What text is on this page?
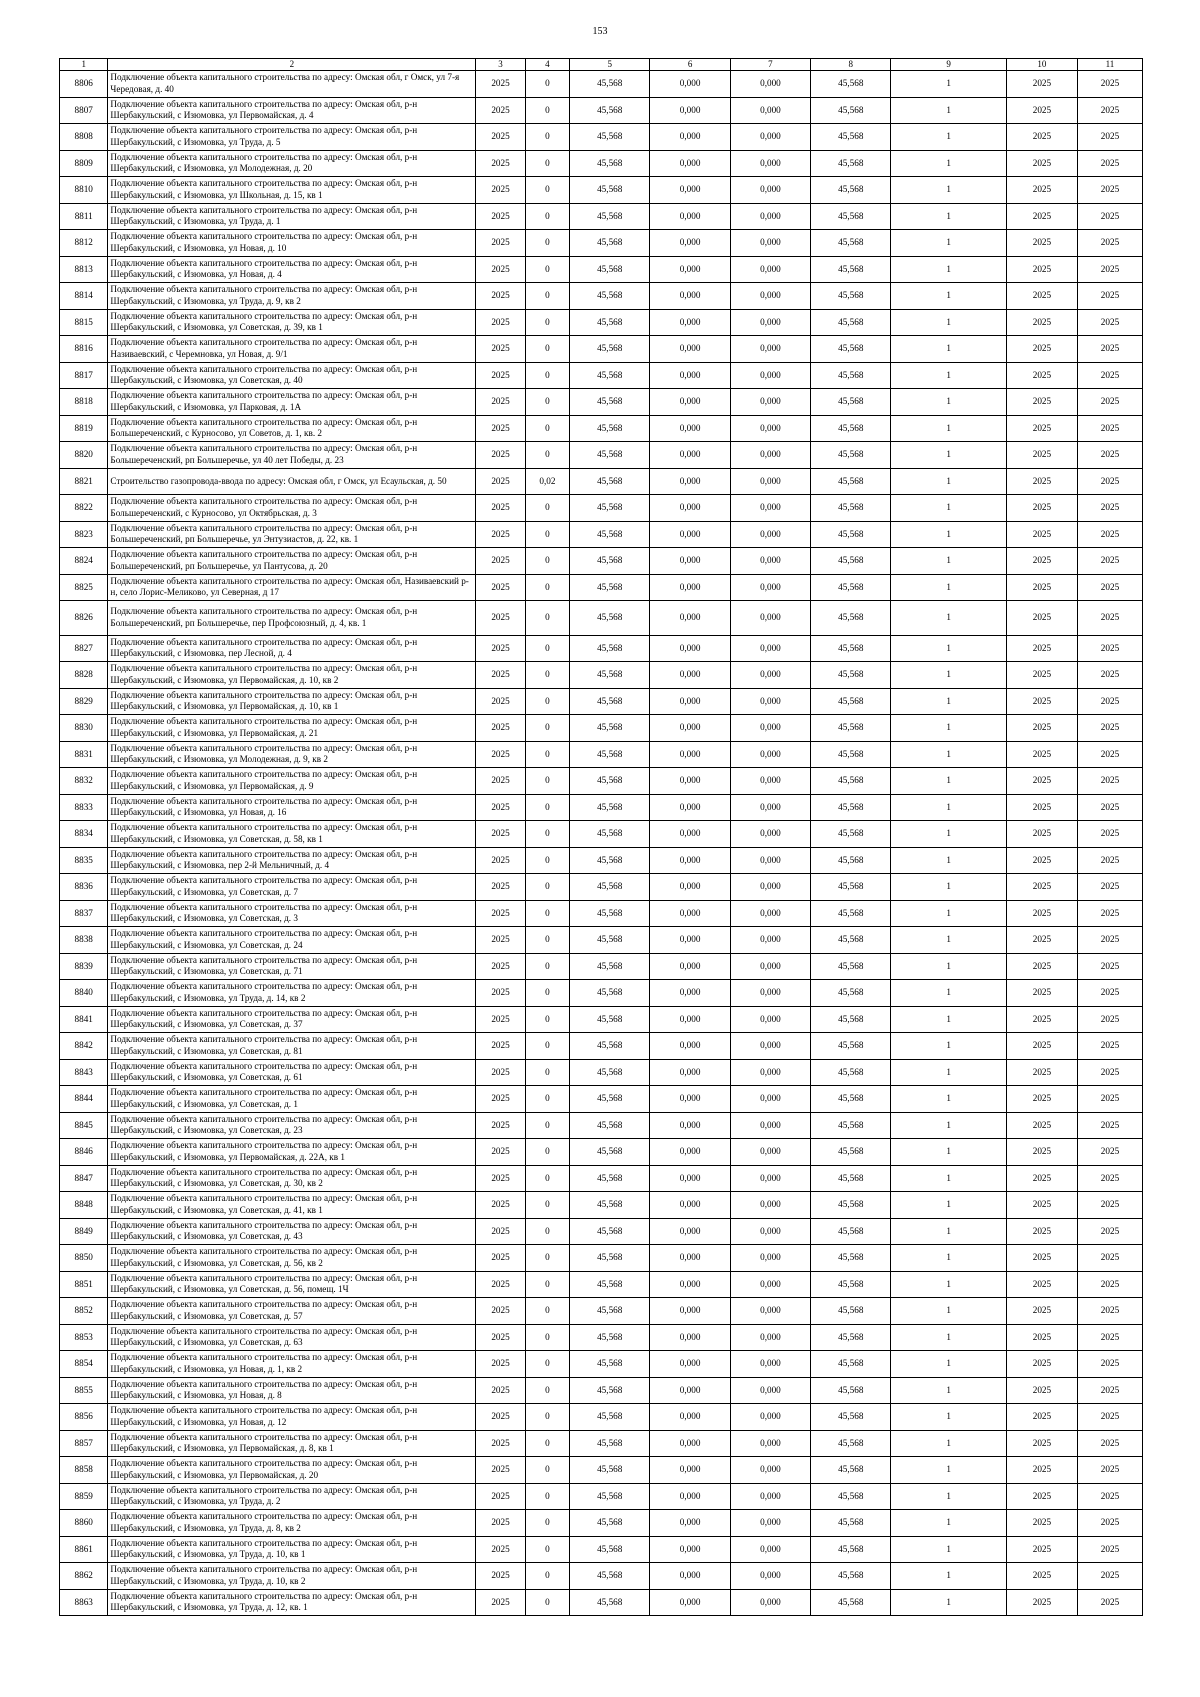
153
1	2	3	4	5	6	7	8	9	10	11
8806	Подключение объекта капитального строительства по адресу: Омская обл, г Омск, ул 7-я Чередовая, д. 40	2025	0	45,568	0,000	0,000	45,568	1	2025	2025
8807	Подключение объекта капитального строительства по адресу: Омская обл, р-н Шербакульский, с Изюмовка, ул Первомайская, д. 4	2025	0	45,568	0,000	0,000	45,568	1	2025	2025
8808	Подключение объекта капитального строительства по адресу: Омская обл, р-н Шербакульский, с Изюмовка, ул Труда, д. 5	2025	0	45,568	0,000	0,000	45,568	1	2025	2025
8809	Подключение объекта капитального строительства по адресу: Омская обл, р-н Шербакульский, с Изюмовка, ул Молодежная, д. 20	2025	0	45,568	0,000	0,000	45,568	1	2025	2025
8810	Подключение объекта капитального строительства по адресу: Омская обл, р-н Шербакульский, с Изюмовка, ул Школьная, д. 15, кв 1	2025	0	45,568	0,000	0,000	45,568	1	2025	2025
8811	Подключение объекта капитального строительства по адресу: Омская обл, р-н Шербакульский, с Изюмовка, ул Труда, д. 1	2025	0	45,568	0,000	0,000	45,568	1	2025	2025
8812	Подключение объекта капитального строительства по адресу: Омская обл, р-н Шербакульский, с Изюмовка, ул Новая, д. 10	2025	0	45,568	0,000	0,000	45,568	1	2025	2025
8813	Подключение объекта капитального строительства по адресу: Омская обл, р-н Шербакульский, с Изюмовка, ул Новая, д. 4	2025	0	45,568	0,000	0,000	45,568	1	2025	2025
8814	Подключение объекта капитального строительства по адресу: Омская обл, р-н Шербакульский, с Изюмовка, ул Труда, д. 9, кв 2	2025	0	45,568	0,000	0,000	45,568	1	2025	2025
8815	Подключение объекта капитального строительства по адресу: Омская обл, р-н Шербакульский, с Изюмовка, ул Советская, д. 39, кв 1	2025	0	45,568	0,000	0,000	45,568	1	2025	2025
8816	Подключение объекта капитального строительства по адресу: Омская обл, р-н Називаевский, с Черемновка, ул Новая, д. 9/1	2025	0	45,568	0,000	0,000	45,568	1	2025	2025
8817	Подключение объекта капитального строительства по адресу: Омская обл, р-н Шербакульский, с Изюмовка, ул Советская, д. 40	2025	0	45,568	0,000	0,000	45,568	1	2025	2025
8818	Подключение объекта капитального строительства по адресу: Омская обл, р-н Шербакульский, с Изюмовка, ул Парковая, д. 1А	2025	0	45,568	0,000	0,000	45,568	1	2025	2025
8819	Подключение объекта капитального строительства по адресу: Омская обл, р-н Большереченский, с Курносово, ул Советов, д. 1, кв. 2	2025	0	45,568	0,000	0,000	45,568	1	2025	2025
8820	Подключение объекта капитального строительства по адресу: Омская обл, р-н Большереченский, рп Большеречье, ул 40 лет Победы, д. 23	2025	0	45,568	0,000	0,000	45,568	1	2025	2025
8821	Строительство газопровода-ввода по адресу: Омская обл, г Омск, ул Есаульская, д. 50	2025	0,02	45,568	0,000	0,000	45,568	1	2025	2025
8822	Подключение объекта капитального строительства по адресу: Омская обл, р-н Большереченский, с Курносово, ул Октябрьская, д. 3	2025	0	45,568	0,000	0,000	45,568	1	2025	2025
8823	Подключение объекта капитального строительства по адресу: Омская обл, р-н Большереченский, рп Большеречье, ул Энтузиастов, д. 22, кв. 1	2025	0	45,568	0,000	0,000	45,568	1	2025	2025
8824	Подключение объекта капитального строительства по адресу: Омская обл, р-н Большереченский, рп Большеречье, ул Пантусова, д. 20	2025	0	45,568	0,000	0,000	45,568	1	2025	2025
8825	Подключение объекта капитального строительства по адресу: Омская обл, Називаевский р-н, село Лорис-Меликово, ул Северная, д 17	2025	0	45,568	0,000	0,000	45,568	1	2025	2025
8826	Подключение объекта капитального строительства по адресу: Омская обл, р-н Большереченский, рп Большеречье, пер Профсоюзный, д. 4, кв. 1	2025	0	45,568	0,000	0,000	45,568	1	2025	2025
8827	Подключение объекта капитального строительства по адресу: Омская обл, р-н Шербакульский, с Изюмовка, пер Лесной, д. 4	2025	0	45,568	0,000	0,000	45,568	1	2025	2025
8828	Подключение объекта капитального строительства по адресу: Омская обл, р-н Шербакульский, с Изюмовка, ул Первомайская, д. 10, кв 2	2025	0	45,568	0,000	0,000	45,568	1	2025	2025
8829	Подключение объекта капитального строительства по адресу: Омская обл, р-н Шербакульский, с Изюмовка, ул Первомайская, д. 10, кв 1	2025	0	45,568	0,000	0,000	45,568	1	2025	2025
8830	Подключение объекта капитального строительства по адресу: Омская обл, р-н Шербакульский, с Изюмовка, ул Первомайская, д. 21	2025	0	45,568	0,000	0,000	45,568	1	2025	2025
8831	Подключение объекта капитального строительства по адресу: Омская обл, р-н Шербакульский, с Изюмовка, ул Молодежная, д. 9, кв 2	2025	0	45,568	0,000	0,000	45,568	1	2025	2025
8832	Подключение объекта капитального строительства по адресу: Омская обл, р-н Шербакульский, с Изюмовка, ул Первомайская, д. 9	2025	0	45,568	0,000	0,000	45,568	1	2025	2025
8833	Подключение объекта капитального строительства по адресу: Омская обл, р-н Шербакульский, с Изюмовка, ул Новая, д. 16	2025	0	45,568	0,000	0,000	45,568	1	2025	2025
8834	Подключение объекта капитального строительства по адресу: Омская обл, р-н Шербакульский, с Изюмовка, ул Советская, д. 58, кв 1	2025	0	45,568	0,000	0,000	45,568	1	2025	2025
8835	Подключение объекта капитального строительства по адресу: Омская обл, р-н Шербакульский, с Изюмовка, пер 2-й Мельничный, д. 4	2025	0	45,568	0,000	0,000	45,568	1	2025	2025
8836	Подключение объекта капитального строительства по адресу: Омская обл, р-н Шербакульский, с Изюмовка, ул Советская, д. 7	2025	0	45,568	0,000	0,000	45,568	1	2025	2025
8837	Подключение объекта капитального строительства по адресу: Омская обл, р-н Шербакульский, с Изюмовка, ул Советская, д. 3	2025	0	45,568	0,000	0,000	45,568	1	2025	2025
8838	Подключение объекта капитального строительства по адресу: Омская обл, р-н Шербакульский, с Изюмовка, ул Советская, д. 24	2025	0	45,568	0,000	0,000	45,568	1	2025	2025
8839	Подключение объекта капитального строительства по адресу: Омская обл, р-н Шербакульский, с Изюмовка, ул Советская, д. 71	2025	0	45,568	0,000	0,000	45,568	1	2025	2025
8840	Подключение объекта капитального строительства по адресу: Омская обл, р-н Шербакульский, с Изюмовка, ул Труда, д. 14, кв 2	2025	0	45,568	0,000	0,000	45,568	1	2025	2025
8841	Подключение объекта капитального строительства по адресу: Омская обл, р-н Шербакульский, с Изюмовка, ул Советская, д. 37	2025	0	45,568	0,000	0,000	45,568	1	2025	2025
8842	Подключение объекта капитального строительства по адресу: Омская обл, р-н Шербакульский, с Изюмовка, ул Советская, д. 81	2025	0	45,568	0,000	0,000	45,568	1	2025	2025
8843	Подключение объекта капитального строительства по адресу: Омская обл, р-н Шербакульский, с Изюмовка, ул Советская, д. 61	2025	0	45,568	0,000	0,000	45,568	1	2025	2025
8844	Подключение объекта капитального строительства по адресу: Омская обл, р-н Шербакульский, с Изюмовка, ул Советская, д. 1	2025	0	45,568	0,000	0,000	45,568	1	2025	2025
8845	Подключение объекта капитального строительства по адресу: Омская обл, р-н Шербакульский, с Изюмовка, ул Советская, д. 23	2025	0	45,568	0,000	0,000	45,568	1	2025	2025
8846	Подключение объекта капитального строительства по адресу: Омская обл, р-н Шербакульский, с Изюмовка, ул Первомайская, д. 22А, кв 1	2025	0	45,568	0,000	0,000	45,568	1	2025	2025
8847	Подключение объекта капитального строительства по адресу: Омская обл, р-н Шербакульский, с Изюмовка, ул Советская, д. 30, кв 2	2025	0	45,568	0,000	0,000	45,568	1	2025	2025
8848	Подключение объекта капитального строительства по адресу: Омская обл, р-н Шербакульский, с Изюмовка, ул Советская, д. 41, кв 1	2025	0	45,568	0,000	0,000	45,568	1	2025	2025
8849	Подключение объекта капитального строительства по адресу: Омская обл, р-н Шербакульский, с Изюмовка, ул Советская, д. 43	2025	0	45,568	0,000	0,000	45,568	1	2025	2025
8850	Подключение объекта капитального строительства по адресу: Омская обл, р-н Шербакульский, с Изюмовка, ул Советская, д. 56, кв 2	2025	0	45,568	0,000	0,000	45,568	1	2025	2025
8851	Подключение объекта капитального строительства по адресу: Омская обл, р-н Шербакульский, с Изюмовка, ул Советская, д. 56, помещ. 1Ч	2025	0	45,568	0,000	0,000	45,568	1	2025	2025
8852	Подключение объекта капитального строительства по адресу: Омская обл, р-н Шербакульский, с Изюмовка, ул Советская, д. 57	2025	0	45,568	0,000	0,000	45,568	1	2025	2025
8853	Подключение объекта капитального строительства по адресу: Омская обл, р-н Шербакульский, с Изюмовка, ул Советская, д. 63	2025	0	45,568	0,000	0,000	45,568	1	2025	2025
8854	Подключение объекта капитального строительства по адресу: Омская обл, р-н Шербакульский, с Изюмовка, ул Новая, д. 1, кв 2	2025	0	45,568	0,000	0,000	45,568	1	2025	2025
8855	Подключение объекта капитального строительства по адресу: Омская обл, р-н Шербакульский, с Изюмовка, ул Новая, д. 8	2025	0	45,568	0,000	0,000	45,568	1	2025	2025
8856	Подключение объекта капитального строительства по адресу: Омская обл, р-н Шербакульский, с Изюмовка, ул Новая, д. 12	2025	0	45,568	0,000	0,000	45,568	1	2025	2025
8857	Подключение объекта капитального строительства по адресу: Омская обл, р-н Шербакульский, с Изюмовка, ул Первомайская, д. 8, кв 1	2025	0	45,568	0,000	0,000	45,568	1	2025	2025
8858	Подключение объекта капитального строительства по адресу: Омская обл, р-н Шербакульский, с Изюмовка, ул Первомайская, д. 20	2025	0	45,568	0,000	0,000	45,568	1	2025	2025
8859	Подключение объекта капитального строительства по адресу: Омская обл, р-н Шербакульский, с Изюмовка, ул Труда, д. 2	2025	0	45,568	0,000	0,000	45,568	1	2025	2025
8860	Подключение объекта капитального строительства по адресу: Омская обл, р-н Шербакульский, с Изюмовка, ул Труда, д. 8, кв 2	2025	0	45,568	0,000	0,000	45,568	1	2025	2025
8861	Подключение объекта капитального строительства по адресу: Омская обл, р-н Шербакульский, с Изюмовка, ул Труда, д. 10, кв 1	2025	0	45,568	0,000	0,000	45,568	1	2025	2025
8862	Подключение объекта капитального строительства по адресу: Омская обл, р-н Шербакульский, с Изюмовка, ул Труда, д. 10, кв 2	2025	0	45,568	0,000	0,000	45,568	1	2025	2025
8863	Подключение объекта капитального строительства по адресу: Омская обл, р-н Шербакульский, с Изюмовка, ул Труда, д. 12, кв. 1	2025	0	45,568	0,000	0,000	45,568	1	2025	2025
